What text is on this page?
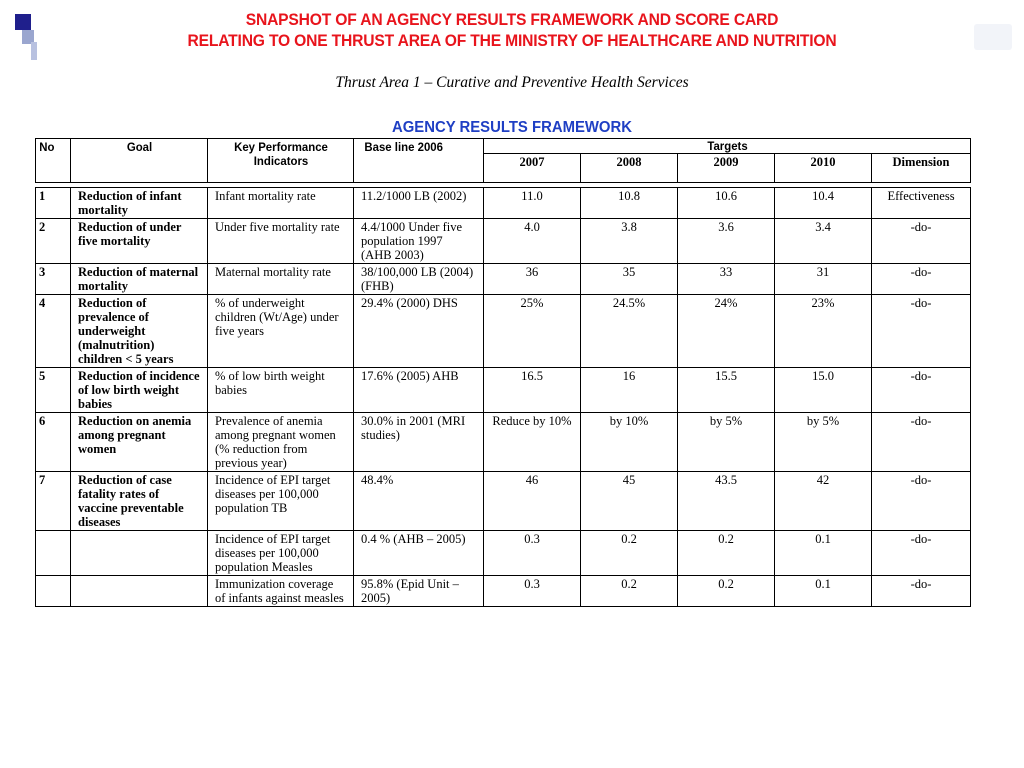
SNAPSHOT OF AN AGENCY RESULTS FRAMEWORK AND SCORE CARD
RELATING TO ONE THRUST AREA OF THE MINISTRY OF HEALTHCARE AND NUTRITION
Thrust Area 1 – Curative and Preventive Health Services
AGENCY RESULTS FRAMEWORK
No	Goal	Key Performance Indicators	Base line 2006	Targets				
				2007	2008	2009	2010	Dimension

1	Reduction of infant mortality	Infant mortality rate	11.2/1000 LB (2002)	11.0	10.8	10.6	10.4	Effectiveness
2	Reduction of under five mortality	Under five mortality rate	4.4/1000 Under five population 1997 (AHB 2003)	4.0	3.8	3.6	3.4	-do-
3	Reduction of maternal mortality	Maternal mortality rate	38/100,000 LB (2004) (FHB)	36	35	33	31	-do-
4	Reduction of prevalence of underweight (malnutrition) children < 5 years	% of underweight children (Wt/Age) under five years	29.4% (2000) DHS	25%	24.5%	24%	23%	-do-
5	Reduction of incidence of low birth weight babies	% of low birth weight babies	17.6% (2005) AHB	16.5	16	15.5	15.0	-do-
6	Reduction on anemia among pregnant women	Prevalence of anemia among pregnant women (% reduction from previous year)	30.0% in 2001 (MRI studies)	Reduce by 10%	by 10%	by 5%	by 5%	-do-
7	Reduction of case fatality rates of vaccine preventable diseases	Incidence of EPI target diseases per 100,000 population TB	48.4%	46	45	43.5	42	-do-
		Incidence of EPI target diseases per 100,000 population Measles	0.4 % (AHB – 2005)	0.3	0.2	0.2	0.1	-do-
		Immunization coverage of infants against measles	95.8% (Epid Unit – 2005)	0.3	0.2	0.2	0.1	-do-
